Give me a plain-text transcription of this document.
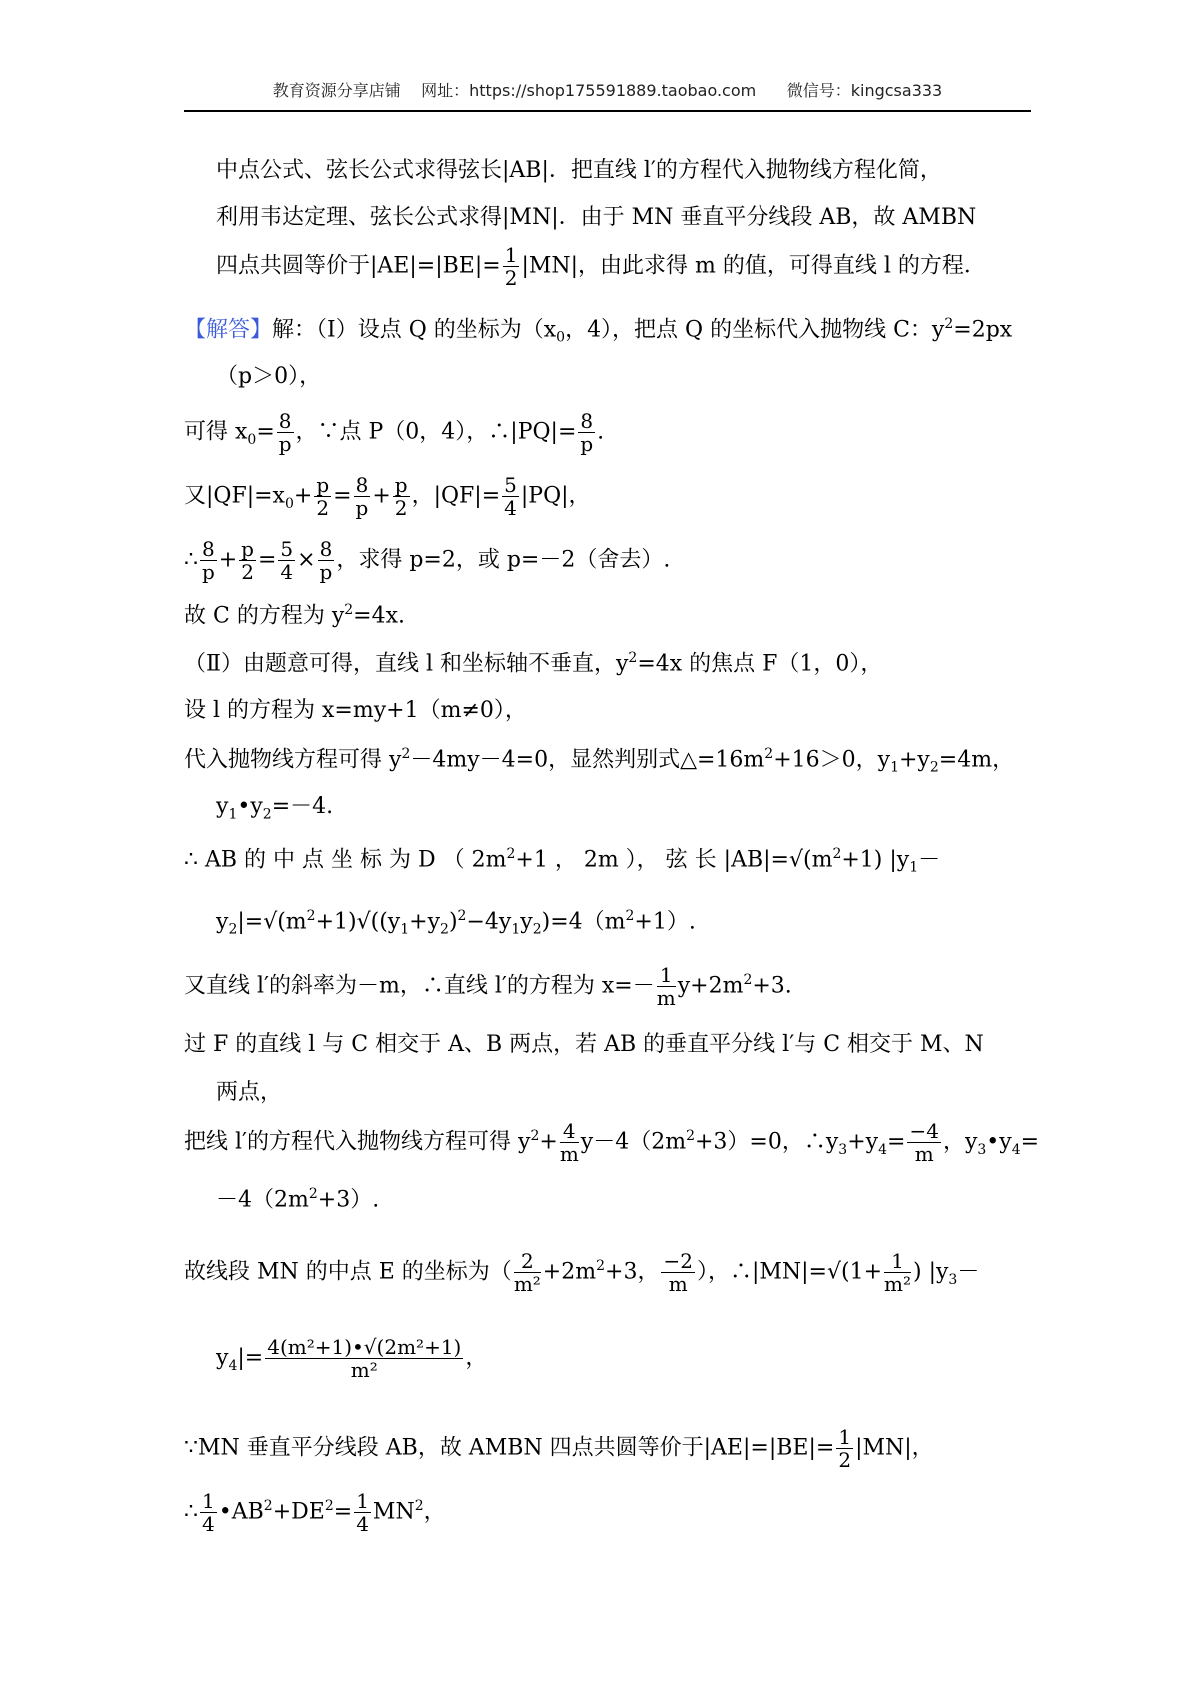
教育资源分享店铺 网址：https://shop175591889.taobao.com 微信号：kingcsa333
中点公式、弦长公式求得弦长|AB|．把直线 l′的方程代入抛物线方程化简，
利用韦达定理、弦长公式求得|MN|．由于 MN 垂直平分线段 AB，故 AMBN
四点共圆等价于$|AE|=|BE|= \frac{1}{2} |MN|$，由此求得 m 的值，可得直线 l 的方程．
【解答】解：（Ⅰ）设点 Q 的坐标为（$x_0$，4），把点 Q 的坐标代入抛物线 C：$y^2=2px$
（p＞0），
可得 $x_0= \frac{8}{p}$ ，∵点 P（0，4），∴|PQ|= $\frac{8}{p}$ .
又$|QF|=x_0+ \frac{p}{2} = \frac{8}{p} + \frac{p}{2}$ ，$|QF|= \frac{5}{4} |PQ|$，
∴ $\frac{8}{p} + \frac{p}{2} = \frac{5}{4} \times \frac{8}{p}$ ，求得 p=2，或 p=－2（舍去）.
故 C 的方程为 $y^2=4x$.
（Ⅱ）由题意可得，直线 l 和坐标轴不垂直，$y^2=4x$ 的焦点 F（1，0），
设 l 的方程为 x=my+1（m≠0），
代入抛物线方程可得 $y^2-4my-4=0$，显然判别式$\triangle=16m^2+16>0$，$y_1+y_2=4m$，
$y_1•y_2=-4$.
∴ AB 的 中 点 坐 标 为 D （ $2m^2+1$ ， 2m ）， 弦 长 $|AB|=√(m^2+1)$ $|y_1-$
$y_2|=√(m^2+1)√((y_1+y_2)^2-4y_1y_2)=4(m^2+1)$.
又直线 l′的斜率为－m，∴直线 l′的方程为 $x=- \frac{1}{m} y+2m^2+3$.
过 F 的直线 l 与 C 相交于 A、B 两点，若 AB 的垂直平分线 l′与 C 相交于 M、N
两点，
把线 l′的方程代入抛物线方程可得 $y^2+ \frac{4}{m} y-4(2m^2+3)=0$，$\therefore y_3+y_4= \frac{-4}{m}$ ，$y_3•y_4=$
$-4(2m^2+3)$.
故线段 MN 的中点 E 的坐标为（ $\frac{2}{\text{m²}} +2m^2+3$， $\frac{-2}{m}$ ），∴|MN|=√(1+ $\frac{1}{\text{m²}}$ ) $|y_3-$
$y_4|= \frac{\text{4(m²+1)•√(2m²+1)}}{\text{m²}}$ ，
∵MN 垂直平分线段 AB，故 AMBN 四点共圆等价于$|AE|=|BE|= \frac{1}{2} |MN|$，
∴ $\frac{1}{4}$ $•AB^2+DE^2= \frac{1}{4} MN^2$，
